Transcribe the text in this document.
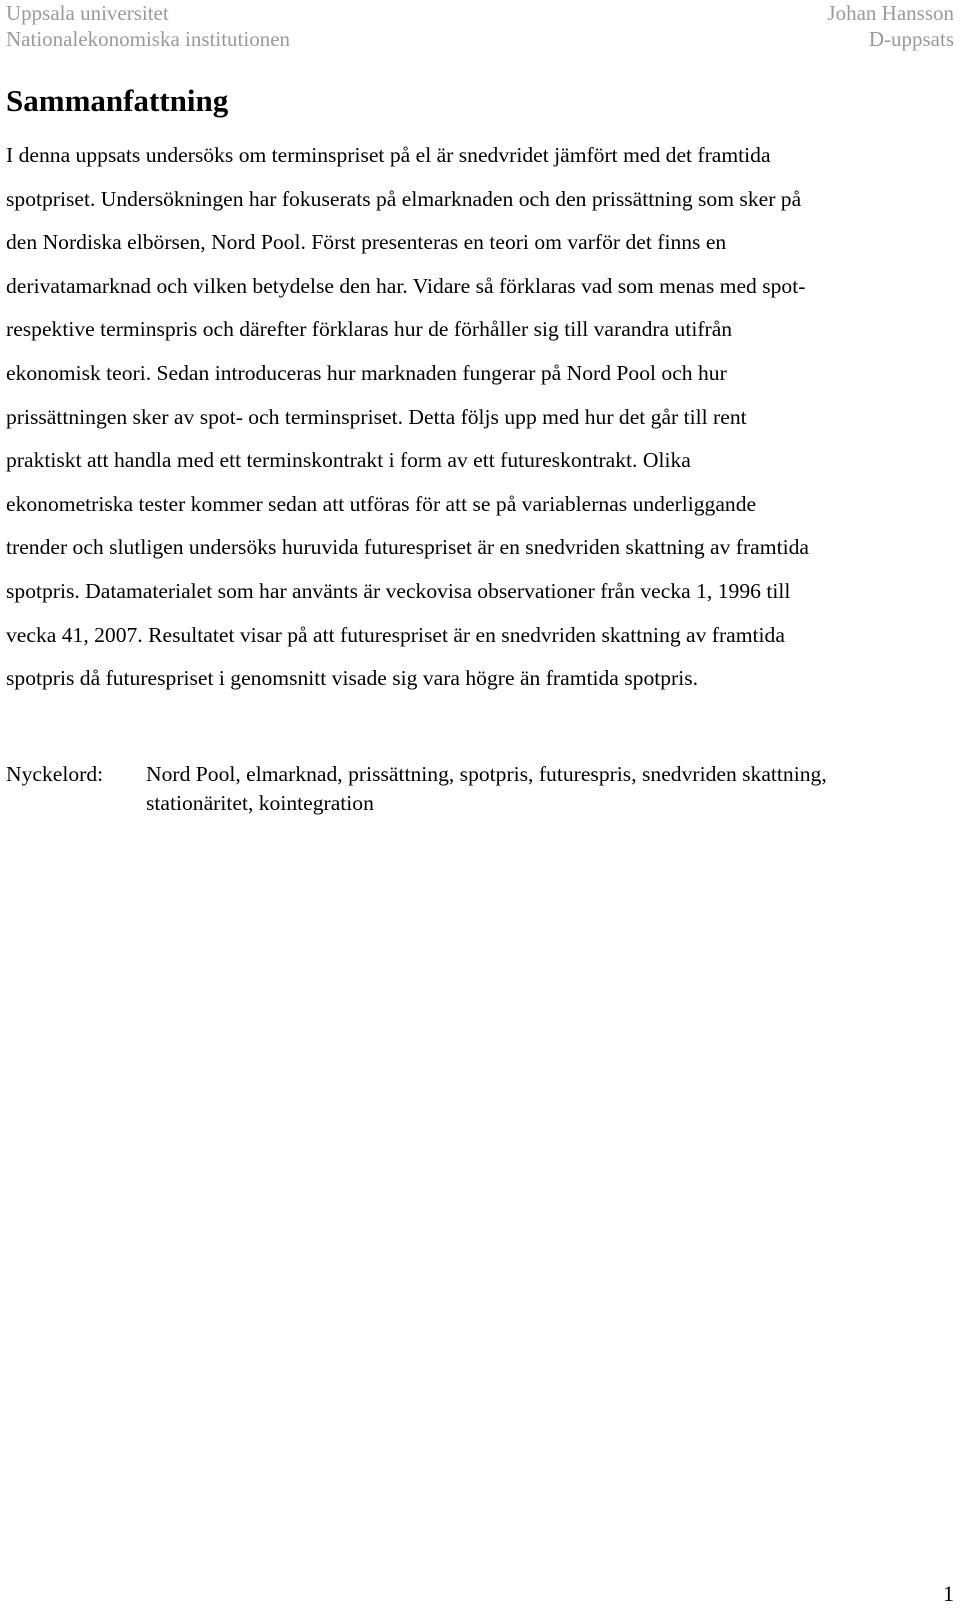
Uppsala universitet	Johan Hansson
Nationalekonomiska institutionen	D-uppsats
Sammanfattning

I denna uppsats undersöks om terminspriset på el är snedvridet jämfört med det framtida
spotpriset. Undersökningen har fokuserats på elmarknaden och den prissättning som sker på
den Nordiska elbörsen, Nord Pool. Först presenteras en teori om varför det finns en
derivatamarknad och vilken betydelse den har. Vidare så förklaras vad som menas med spot-
respektive terminspris och därefter förklaras hur de förhåller sig till varandra utifrån
ekonomisk teori. Sedan introduceras hur marknaden fungerar på Nord Pool och hur
prissättningen sker av spot- och terminspriset. Detta följs upp med hur det går till rent
praktiskt att handla med ett terminskontrakt i form av ett futureskontrakt. Olika
ekonometriska tester kommer sedan att utföras för att se på variablernas underliggande
trender och slutligen undersöks huruvida futurespriset är en snedvriden skattning av framtida
spotpris. Datamaterialet som har använts är veckovisa observationer från vecka 1, 1996 till
vecka 41, 2007. Resultatet visar på att futurespriset är en snedvriden skattning av framtida
spotpris då futurespriset i genomsnitt visade sig vara högre än framtida spotpris.

Nyckelord:	Nord Pool, elmarknad, prissättning, spotpris, futurespris, snedvriden skattning,
stationäritet, kointegration
1
